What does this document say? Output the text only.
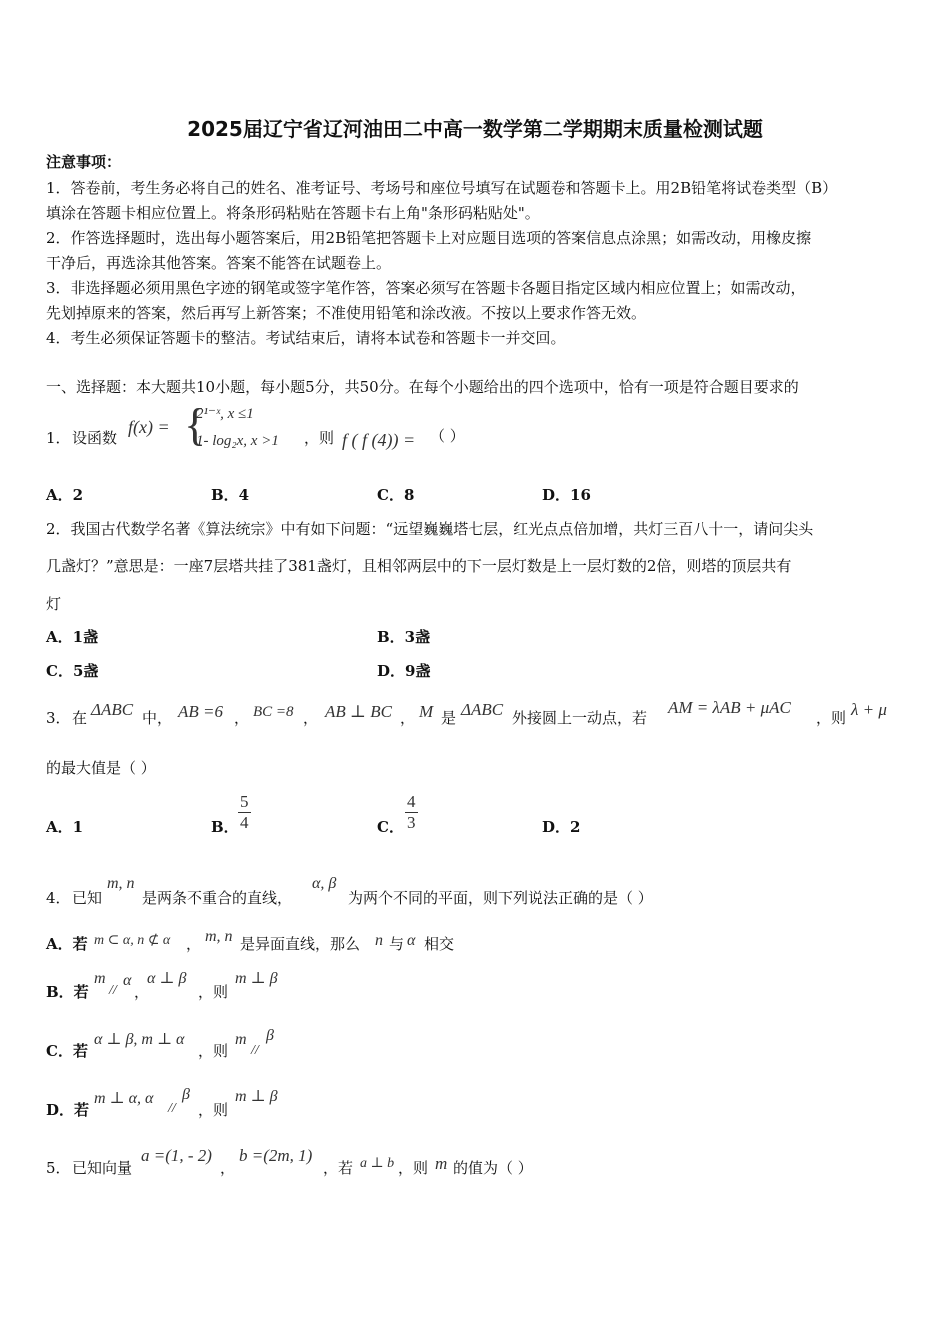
2025届辽宁省辽河油田二中高一数学第二学期期末质量检测试题
注意事项：
1．答卷前，考生务必将自己的姓名、准考证号、考场号和座位号填写在试题卷和答题卡上。用2B铅笔将试卷类型（B）
填涂在答题卡相应位置上。将条形码粘贴在答题卡右上角"条形码粘贴处"。
2．作答选择题时，选出每小题答案后，用2B铅笔把答题卡上对应题目选项的答案信息点涂黑；如需改动，用橡皮擦
干净后，再选涂其他答案。答案不能答在试题卷上。
3．非选择题必须用黑色字迹的钢笔或签字笔作答，答案必须写在答题卡各题目指定区域内相应位置上；如需改动，
先划掉原来的答案，然后再写上新答案；不准使用铅笔和涂改液。不按以上要求作答无效。
4．考生必须保证答题卡的整洁。考试结束后，请将本试卷和答题卡一并交回。
一、选择题：本大题共10小题，每小题5分，共50分。在每个小题给出的四个选项中，恰有一项是符合题目要求的
1． 设函数
f(x) = {
2¹⁻ˣ, x ≤1
1- log₂x, x >1 ，则 f ( f (4)) = （ ）
A．2	B．4	C．8	D．16
2．我国古代数学名著《算法统宗》中有如下问题：“远望巍巍塔七层，红光点点倍加增，共灯三百八十一，请问尖头
几盏灯？”意思是：一座7层塔共挂了381盏灯，且相邻两层中的下一层灯数是上一层灯数的2倍，则塔的顶层共有
灯
A．1盏	B．3盏
C．5盏	D．9盏
3． 在 ΔABC 中， AB =6 ， BC =8 ， AB ⊥ BC ， M 是 ΔABC 外接圆上一动点，若
AM = λAB + μAC
，则 λ + μ
的最大值是（ ）
A．1	B． $\frac{5}{4}$	C． $\frac{4}{3}$	D．2
4． 已知
m, n
是两条不重合的直线，
α, β
为两个不同的平面，则下列说法正确的是（ ）
A．若 m ⊂ α, n ⊄ α ， m, n 是异面直线，那么 n 与 α 相交
B．若
m
//
α
，
α ⊥ β
，则
m ⊥ β
C．若
α ⊥ β, m ⊥ α
，则
m
//
β
D．若
m ⊥ α, α
//
β
，则
m ⊥ β
5． 已知向量
a =(1, - 2)
，
b =(2m, 1)
，若 a ⊥ b ，则 m 的值为（ ）
